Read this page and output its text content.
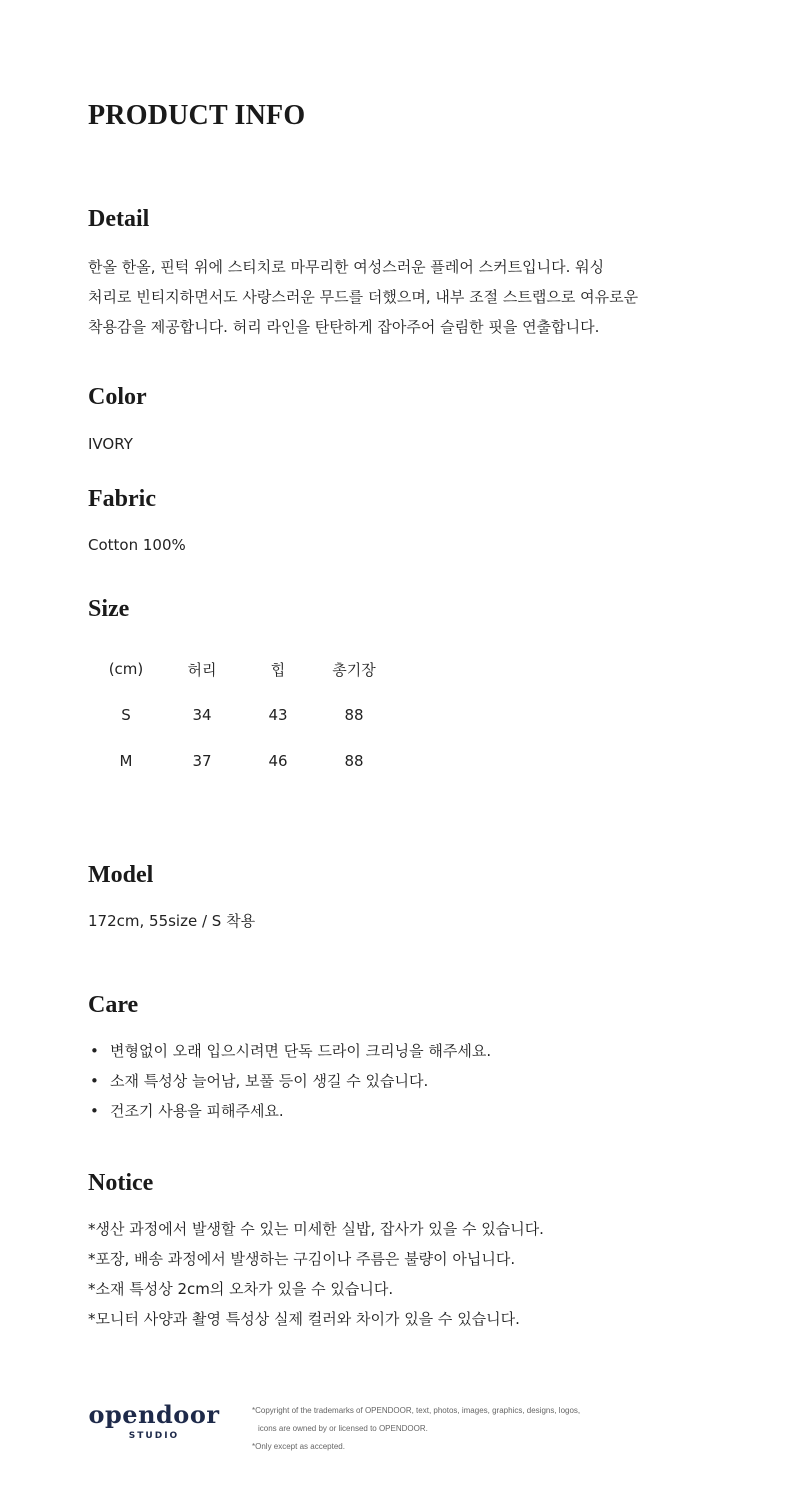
PRODUCT INFO
Detail
한올 한올, 핀턱 위에 스티치로 마무리한 여성스러운 플레어 스커트입니다. 워싱
처리로 빈티지하면서도 사랑스러운 무드를 더했으며, 내부 조절 스트랩으로 여유로운
착용감을 제공합니다. 허리 라인을 탄탄하게 잡아주어 슬림한 핏을 연출합니다.
Color
IVORY
Fabric
Cotton 100%
Size
(cm)	허리	힙	총기장
S	34	43	88
M	37	46	88
Model
172cm, 55size / S 착용
Care
• 변형없이 오래 입으시려면 단독 드라이 크리닝을 해주세요.
• 소재 특성상 늘어남, 보풀 등이 생길 수 있습니다.
• 건조기 사용을 피해주세요.
Notice
*생산 과정에서 발생할 수 있는 미세한 실밥, 잡사가 있을 수 있습니다.
*포장, 배송 과정에서 발생하는 구김이나 주름은 불량이 아닙니다.
*소재 특성상 2cm의 오차가 있을 수 있습니다.
*모니터 사양과 촬영 특성상 실제 컬러와 차이가 있을 수 있습니다.
opendoor
STUDIO
*Copyright of the trademarks of OPENDOOR, text, photos, images, graphics, designs, logos,
icons are owned by or licensed to OPENDOOR.
*Only except as accepted.
